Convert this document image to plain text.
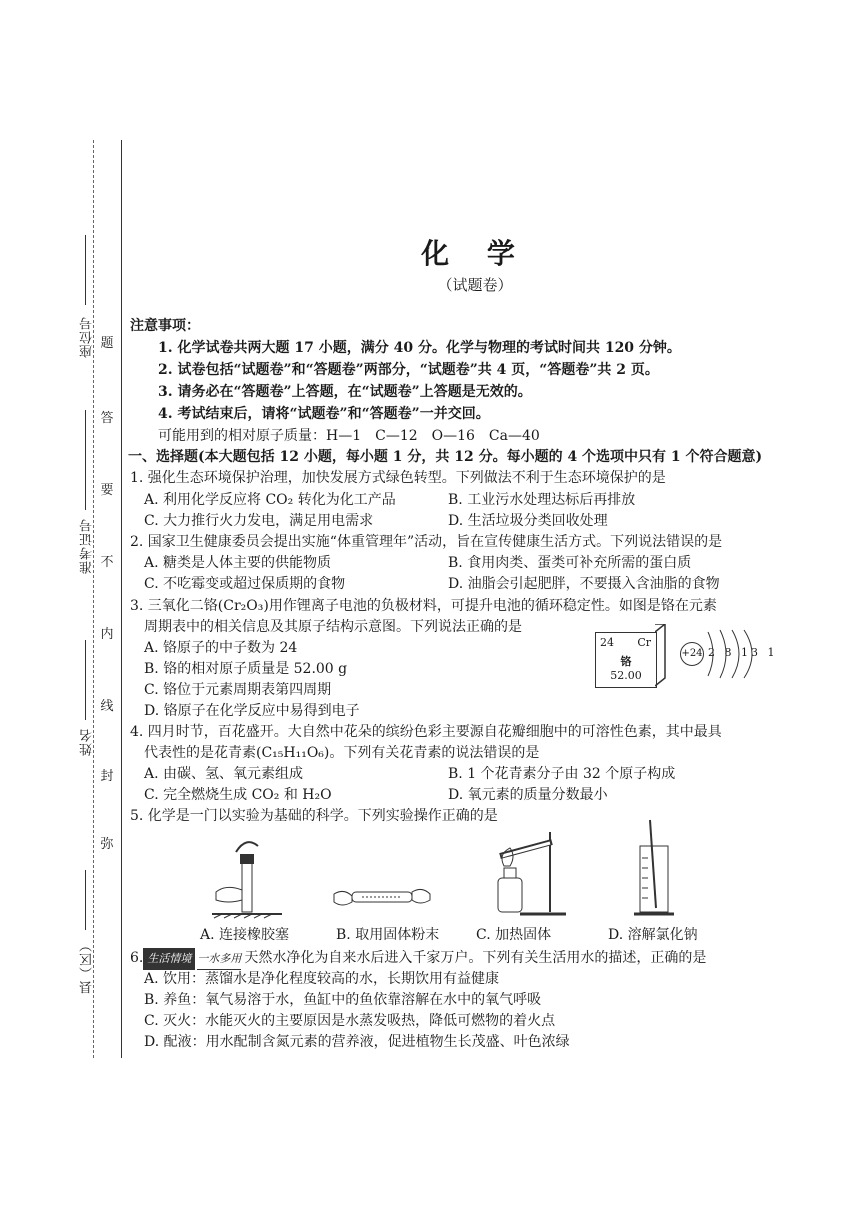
座位号
准考证号
姓名
县（区）
题
答
要
不
内
线
封
弥
化 学
（试题卷）
注意事项：
1. 化学试卷共两大题 17 小题，满分 40 分。化学与物理的考试时间共 120 分钟。
2. 试卷包括“试题卷”和“答题卷”两部分，“试题卷”共 4 页，“答题卷”共 2 页。
3. 请务必在“答题卷”上答题，在“试题卷”上答题是无效的。
4. 考试结束后，请将“试题卷”和“答题卷”一并交回。
可能用到的相对原子质量：H—1　C—12　O—16　Ca—40
一、选择题(本大题包括 12 小题，每小题 1 分，共 12 分。每小题的 4 个选项中只有 1 个符合题意)
1. 强化生态环境保护治理，加快发展方式绿色转型。下列做法不利于生态环境保护的是
A. 利用化学反应将 CO₂ 转化为化工产品	B. 工业污水处理达标后再排放
C. 大力推行火力发电，满足用电需求	D. 生活垃圾分类回收处理
2. 国家卫生健康委员会提出实施“体重管理年”活动，旨在宣传健康生活方式。下列说法错误的是
A. 糖类是人体主要的供能物质	B. 食用肉类、蛋类可补充所需的蛋白质
C. 不吃霉变或超过保质期的食物	D. 油脂会引起肥胖，不要摄入含油脂的食物
3. 三氧化二铬(Cr₂O₃)用作锂离子电池的负极材料，可提升电池的循环稳定性。如图是铬在元素
周期表中的相关信息及其原子结构示意图。下列说法正确的是
A. 铬原子的中子数为 24
B. 铬的相对原子质量是 52.00 g
C. 铬位于元素周期表第四周期
D. 铬原子在化学反应中易得到电子
24 Cr
铬
52.00
+24 2 8 13 1
4. 四月时节，百花盛开。大自然中花朵的缤纷色彩主要源自花瓣细胞中的可溶性色素，其中最具
代表性的是花青素(C₁₅H₁₁O₆)。下列有关花青素的说法错误的是
A. 由碳、氢、氧元素组成	B. 1 个花青素分子由 32 个原子构成
C. 完全燃烧生成 CO₂ 和 H₂O	D. 氧元素的质量分数最小
5. 化学是一门以实验为基础的科学。下列实验操作正确的是
A. 连接橡胶塞	B. 取用固体粉末	C. 加热固体	D. 溶解氯化钠
6. 生活情境 一水多用 天然水净化为自来水后进入千家万户。下列有关生活用水的描述，正确的是
A. 饮用：蒸馏水是净化程度较高的水，长期饮用有益健康
B. 养鱼：氧气易溶于水，鱼缸中的鱼依靠溶解在水中的氧气呼吸
C. 灭火：水能灭火的主要原因是水蒸发吸热，降低可燃物的着火点
D. 配液：用水配制含氮元素的营养液，促进植物生长茂盛、叶色浓绿
